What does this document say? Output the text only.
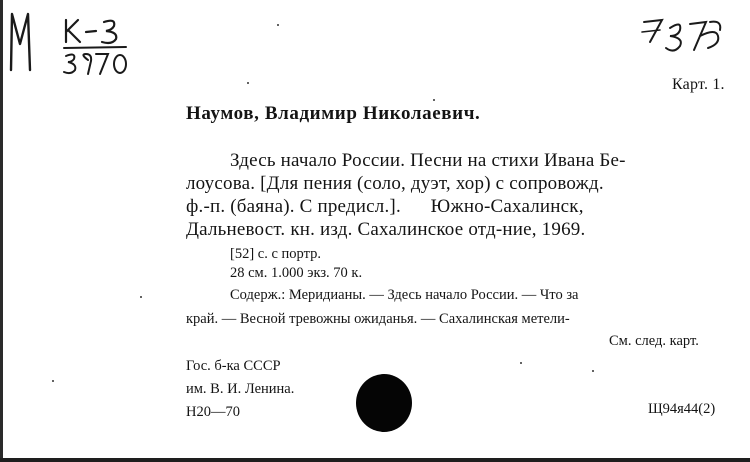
Карт. 1.
Наумов, Владимир Николаевич.
Здесь начало России. Песни на стихи Ивана Бе-
лоусова. [Для пения (соло, дуэт, хор) с сопровожд.
ф.-п. (баяна). С предисл.].      Южно-Сахалинск,
Дальневост. кн. изд. Сахалинское отд-ние, 1969.
[52] с. с портр.
28 см. 1.000 экз. 70 к.
Содерж.: Меридианы. — Здесь начало России. — Что за
край. — Весной тревожны ожиданья. — Сахалинская метели-
См. след. карт.
Гос. б-ка СССР
им. В. И. Ленина.
Н20—70	Щ94я44(2)
